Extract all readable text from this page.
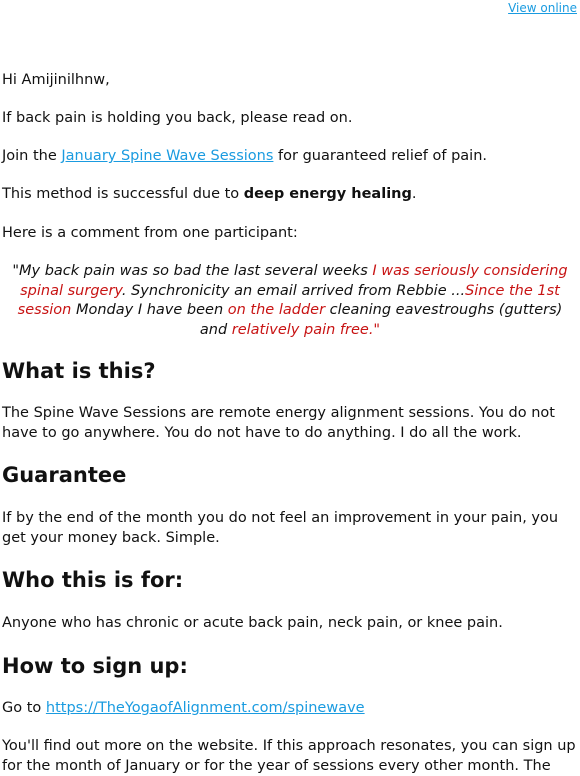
View online

Hi Amijinilhnw,

If back pain is holding you back, please read on.

Join the January Spine Wave Sessions for guaranteed relief of pain.

This method is successful due to deep energy healing.

Here is a comment from one participant:

"My back pain was so bad the last several weeks I was seriously considering spinal surgery. Synchronicity an email arrived from Rebbie ...Since the 1st session Monday I have been on the ladder cleaning eavestroughs (gutters) and relatively pain free."
What is this?

The Spine Wave Sessions are remote energy alignment sessions. You do not have to go anywhere. You do not have to do anything. I do all the work.

Guarantee

If by the end of the month you do not feel an improvement in your pain, you get your money back. Simple.

Who this is for:

Anyone who has chronic or acute back pain, neck pain, or knee pain.

How to sign up:

Go to https://TheYogaofAlignment.com/spinewave

You'll find out more on the website. If this approach resonates, you can sign up for the month of January or for the year of sessions every other month. The
